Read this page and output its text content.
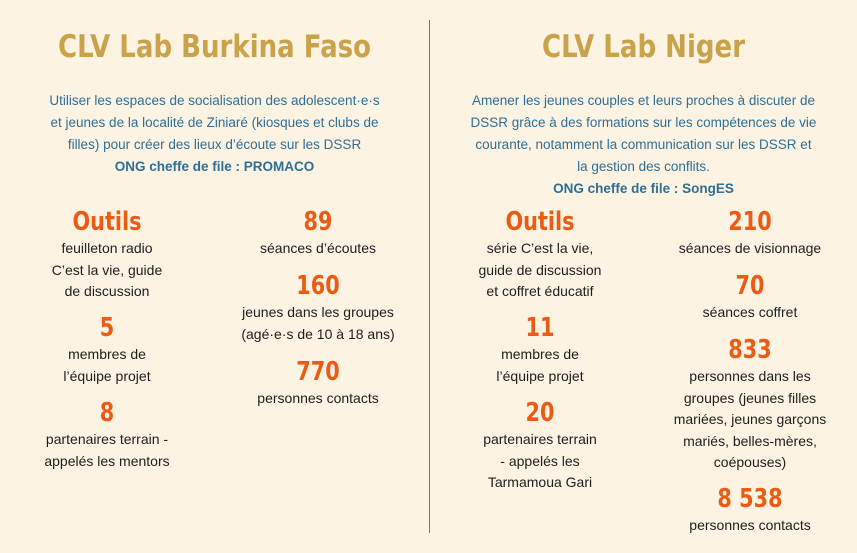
CLV Lab Burkina Faso

Utiliser les espaces de socialisation des adolescent·e·s
et jeunes de la localité de Ziniaré (kiosques et clubs de
filles) pour créer des lieux d’écoute sur les DSSR
ONG cheffe de file : PROMACO

Outils
feuilleton radio
C’est la vie, guide
de discussion
5
membres de
l’équipe projet
8
partenaires terrain -
appelés les mentors
89
séances d’écoutes
160
jeunes dans les groupes
(agé·e·s de 10 à 18 ans)
770
personnes contacts
CLV Lab Niger

Amener les jeunes couples et leurs proches à discuter de
DSSR grâce à des formations sur les compétences de vie
courante, notamment la communication sur les DSSR et
la gestion des conflits.
ONG cheffe de file : SongES

Outils
série C’est la vie,
guide de discussion
et coffret éducatif
11
membres de
l’équipe projet
20
partenaires terrain
- appelés les
Tarmamoua Gari
210
séances de visionnage
70
séances coffret
833
personnes dans les
groupes (jeunes filles
mariées, jeunes garçons
mariés, belles-mères,
coépouses)
8 538
personnes contacts
